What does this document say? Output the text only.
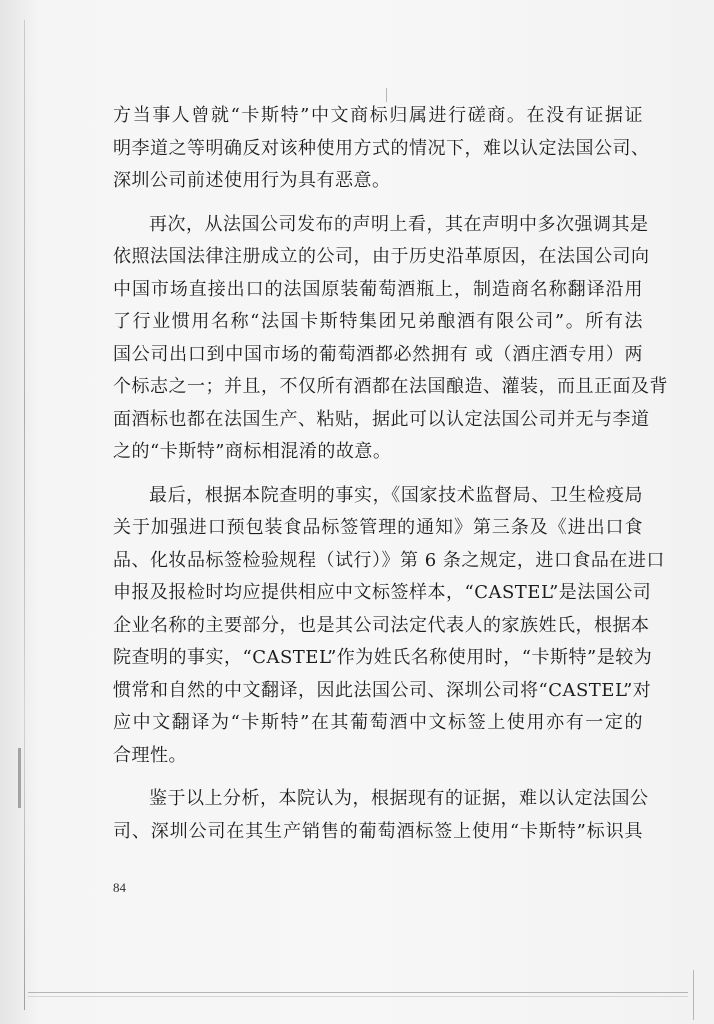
方当事人曾就“卡斯特”中文商标归属进行磋商。在没有证据证
明李道之等明确反对该种使用方式的情况下，难以认定法国公司、
深圳公司前述使用行为具有恶意。
再次，从法国公司发布的声明上看，其在声明中多次强调其是
依照法国法律注册成立的公司，由于历史沿革原因，在法国公司向
中国市场直接出口的法国原装葡萄酒瓶上，制造商名称翻译沿用
了行业惯用名称“法国卡斯特集团兄弟酿酒有限公司”。所有法
国公司出口到中国市场的葡萄酒都必然拥有 或（酒庄酒专用）两
个标志之一；并且，不仅所有酒都在法国酿造、灌装，而且正面及背
面酒标也都在法国生产、粘贴，据此可以认定法国公司并无与李道
之的“卡斯特”商标相混淆的故意。
最后，根据本院查明的事实，《国家技术监督局、卫生检疫局
关于加强进口预包装食品标签管理的通知》第三条及《进出口食
品、化妆品标签检验规程（试行）》第 6 条之规定，进口食品在进口
申报及报检时均应提供相应中文标签样本，“CASTEL”是法国公司
企业名称的主要部分，也是其公司法定代表人的家族姓氏，根据本
院查明的事实，“CASTEL”作为姓氏名称使用时，“卡斯特”是较为
惯常和自然的中文翻译，因此法国公司、深圳公司将“CASTEL”对
应中文翻译为“卡斯特”在其葡萄酒中文标签上使用亦有一定的
合理性。
鉴于以上分析，本院认为，根据现有的证据，难以认定法国公
司、深圳公司在其生产销售的葡萄酒标签上使用“卡斯特”标识具
84
